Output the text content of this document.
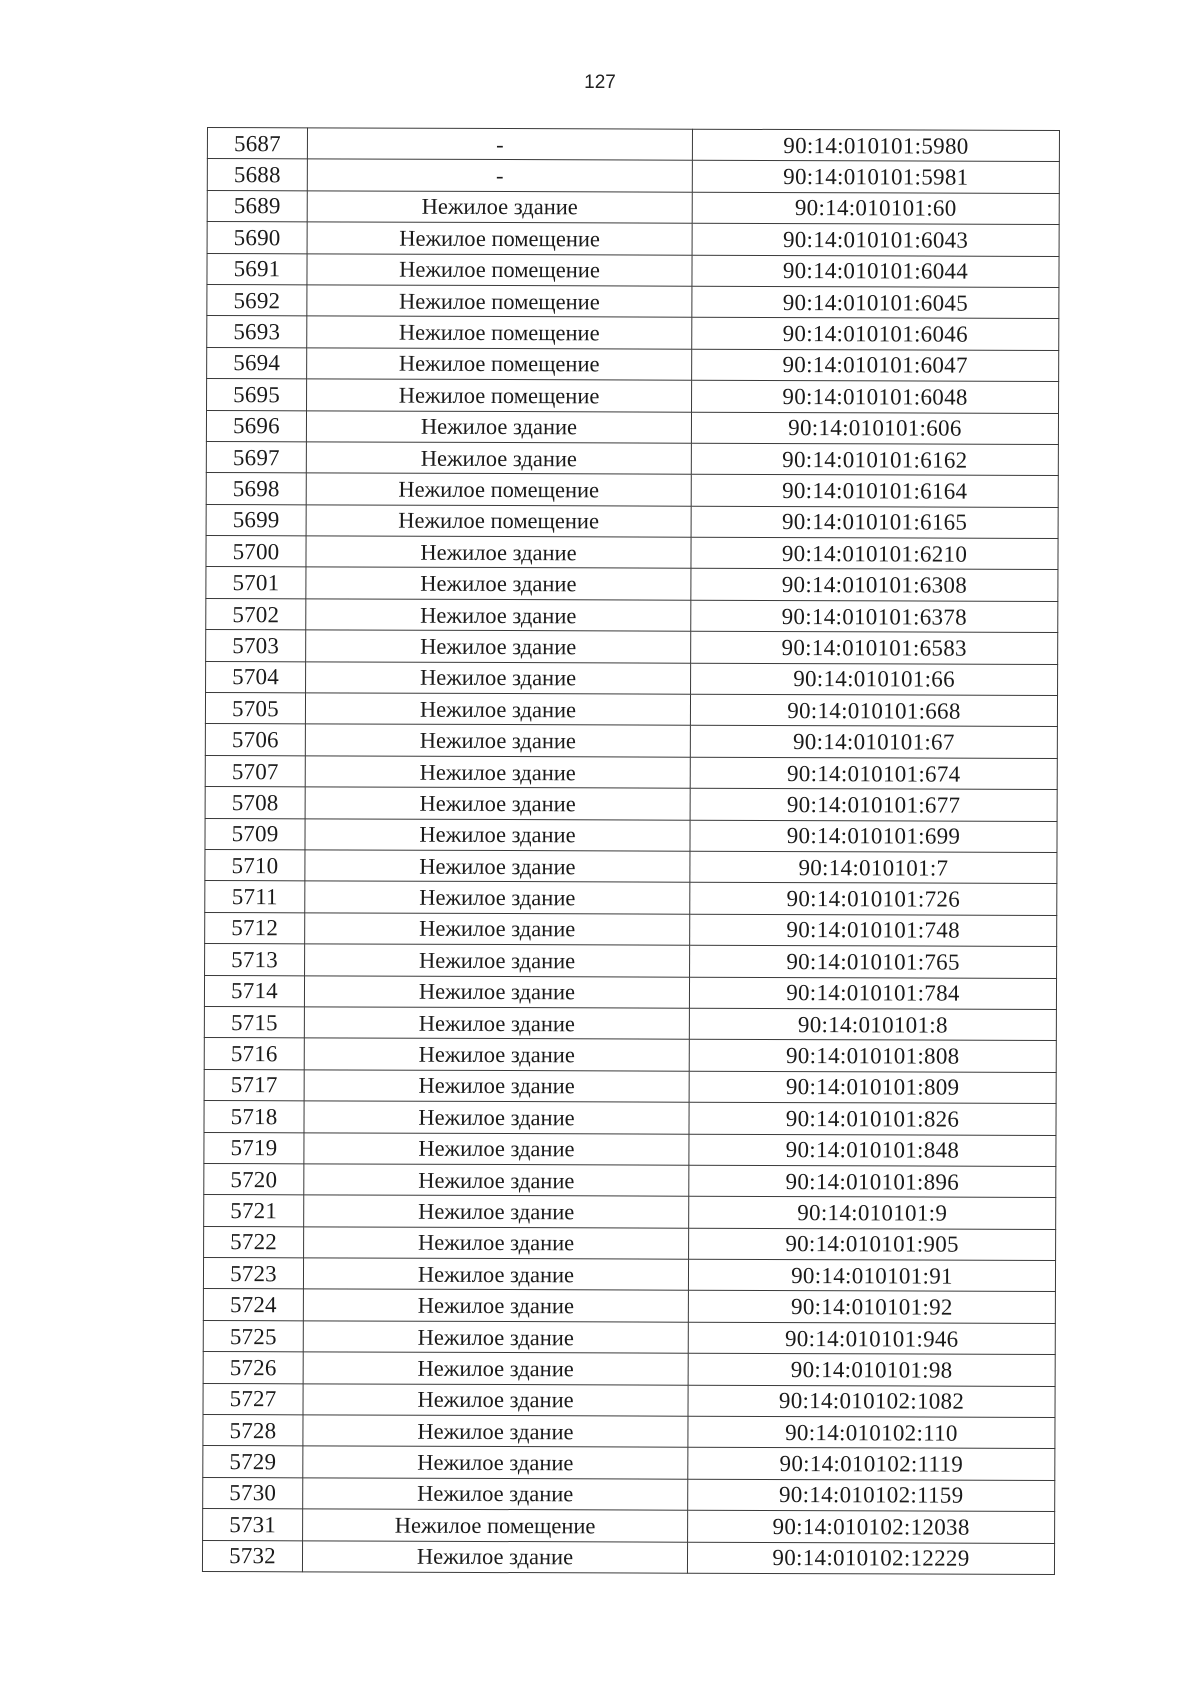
127
5687	-	90:14:010101:5980
5688	-	90:14:010101:5981
5689	Нежилое здание	90:14:010101:60
5690	Нежилое помещение	90:14:010101:6043
5691	Нежилое помещение	90:14:010101:6044
5692	Нежилое помещение	90:14:010101:6045
5693	Нежилое помещение	90:14:010101:6046
5694	Нежилое помещение	90:14:010101:6047
5695	Нежилое помещение	90:14:010101:6048
5696	Нежилое здание	90:14:010101:606
5697	Нежилое здание	90:14:010101:6162
5698	Нежилое помещение	90:14:010101:6164
5699	Нежилое помещение	90:14:010101:6165
5700	Нежилое здание	90:14:010101:6210
5701	Нежилое здание	90:14:010101:6308
5702	Нежилое здание	90:14:010101:6378
5703	Нежилое здание	90:14:010101:6583
5704	Нежилое здание	90:14:010101:66
5705	Нежилое здание	90:14:010101:668
5706	Нежилое здание	90:14:010101:67
5707	Нежилое здание	90:14:010101:674
5708	Нежилое здание	90:14:010101:677
5709	Нежилое здание	90:14:010101:699
5710	Нежилое здание	90:14:010101:7
5711	Нежилое здание	90:14:010101:726
5712	Нежилое здание	90:14:010101:748
5713	Нежилое здание	90:14:010101:765
5714	Нежилое здание	90:14:010101:784
5715	Нежилое здание	90:14:010101:8
5716	Нежилое здание	90:14:010101:808
5717	Нежилое здание	90:14:010101:809
5718	Нежилое здание	90:14:010101:826
5719	Нежилое здание	90:14:010101:848
5720	Нежилое здание	90:14:010101:896
5721	Нежилое здание	90:14:010101:9
5722	Нежилое здание	90:14:010101:905
5723	Нежилое здание	90:14:010101:91
5724	Нежилое здание	90:14:010101:92
5725	Нежилое здание	90:14:010101:946
5726	Нежилое здание	90:14:010101:98
5727	Нежилое здание	90:14:010102:1082
5728	Нежилое здание	90:14:010102:110
5729	Нежилое здание	90:14:010102:1119
5730	Нежилое здание	90:14:010102:1159
5731	Нежилое помещение	90:14:010102:12038
5732	Нежилое здание	90:14:010102:12229
